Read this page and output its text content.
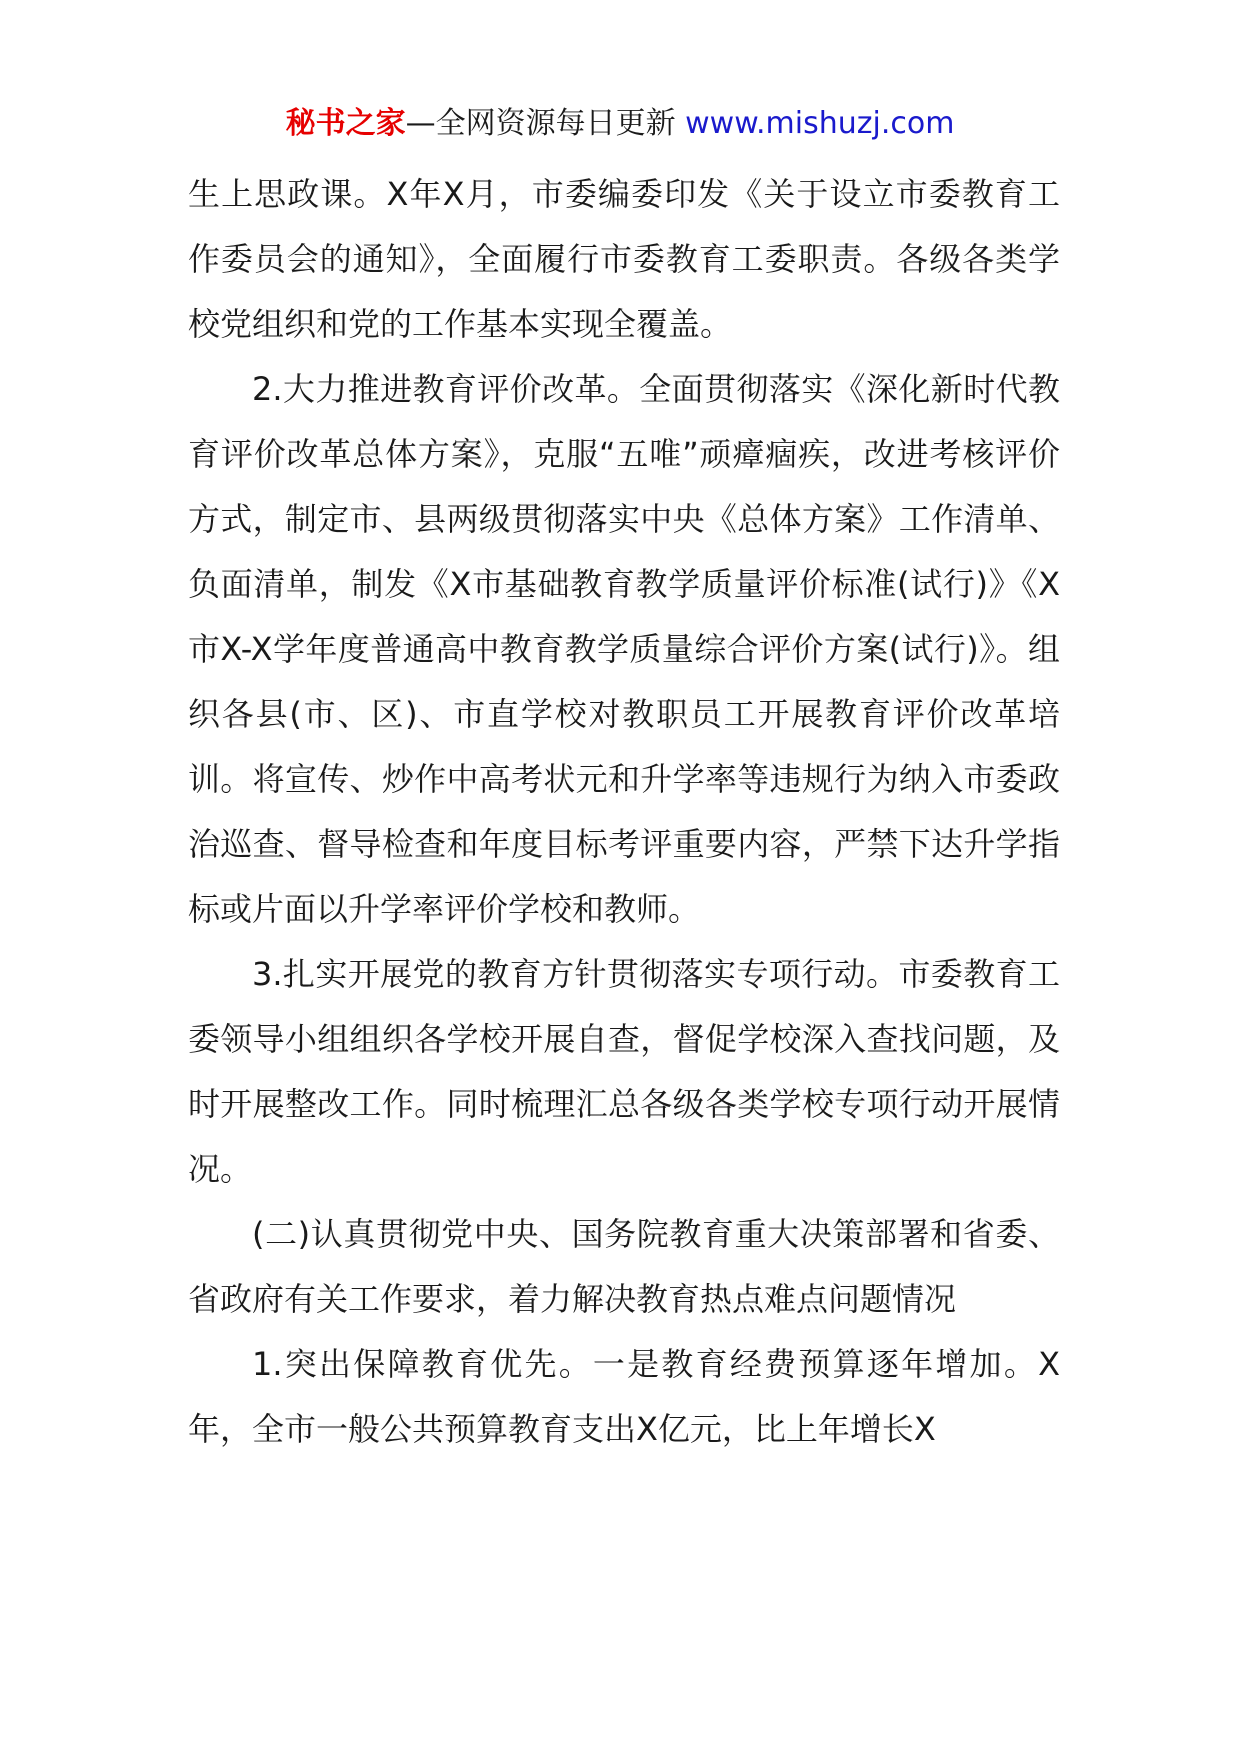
秘书之家—全网资源每日更新 www.mishuzj.com

生上思政课。X年X月，市委编委印发《关于设立市委教育工作委员会的通知》，全面履行市委教育工委职责。各级各类学校党组织和党的工作基本实现全覆盖。

2.大力推进教育评价改革。全面贯彻落实《深化新时代教育评价改革总体方案》，克服“五唯”顽瘴痼疾，改进考核评价方式，制定市、县两级贯彻落实中央《总体方案》工作清单、负面清单，制发《X市基础教育教学质量评价标准(试行)》《X市X-X学年度普通高中教育教学质量综合评价方案(试行)》。组织各县(市、区)、市直学校对教职员工开展教育评价改革培训。将宣传、炒作中高考状元和升学率等违规行为纳入市委政治巡查、督导检查和年度目标考评重要内容，严禁下达升学指标或片面以升学率评价学校和教师。

3.扎实开展党的教育方针贯彻落实专项行动。市委教育工委领导小组组织各学校开展自查，督促学校深入查找问题，及时开展整改工作。同时梳理汇总各级各类学校专项行动开展情况。

(二)认真贯彻党中央、国务院教育重大决策部署和省委、省政府有关工作要求，着力解决教育热点难点问题情况

1.突出保障教育优先。一是教育经费预算逐年增加。X年，全市一般公共预算教育支出X亿元，比上年增长X
